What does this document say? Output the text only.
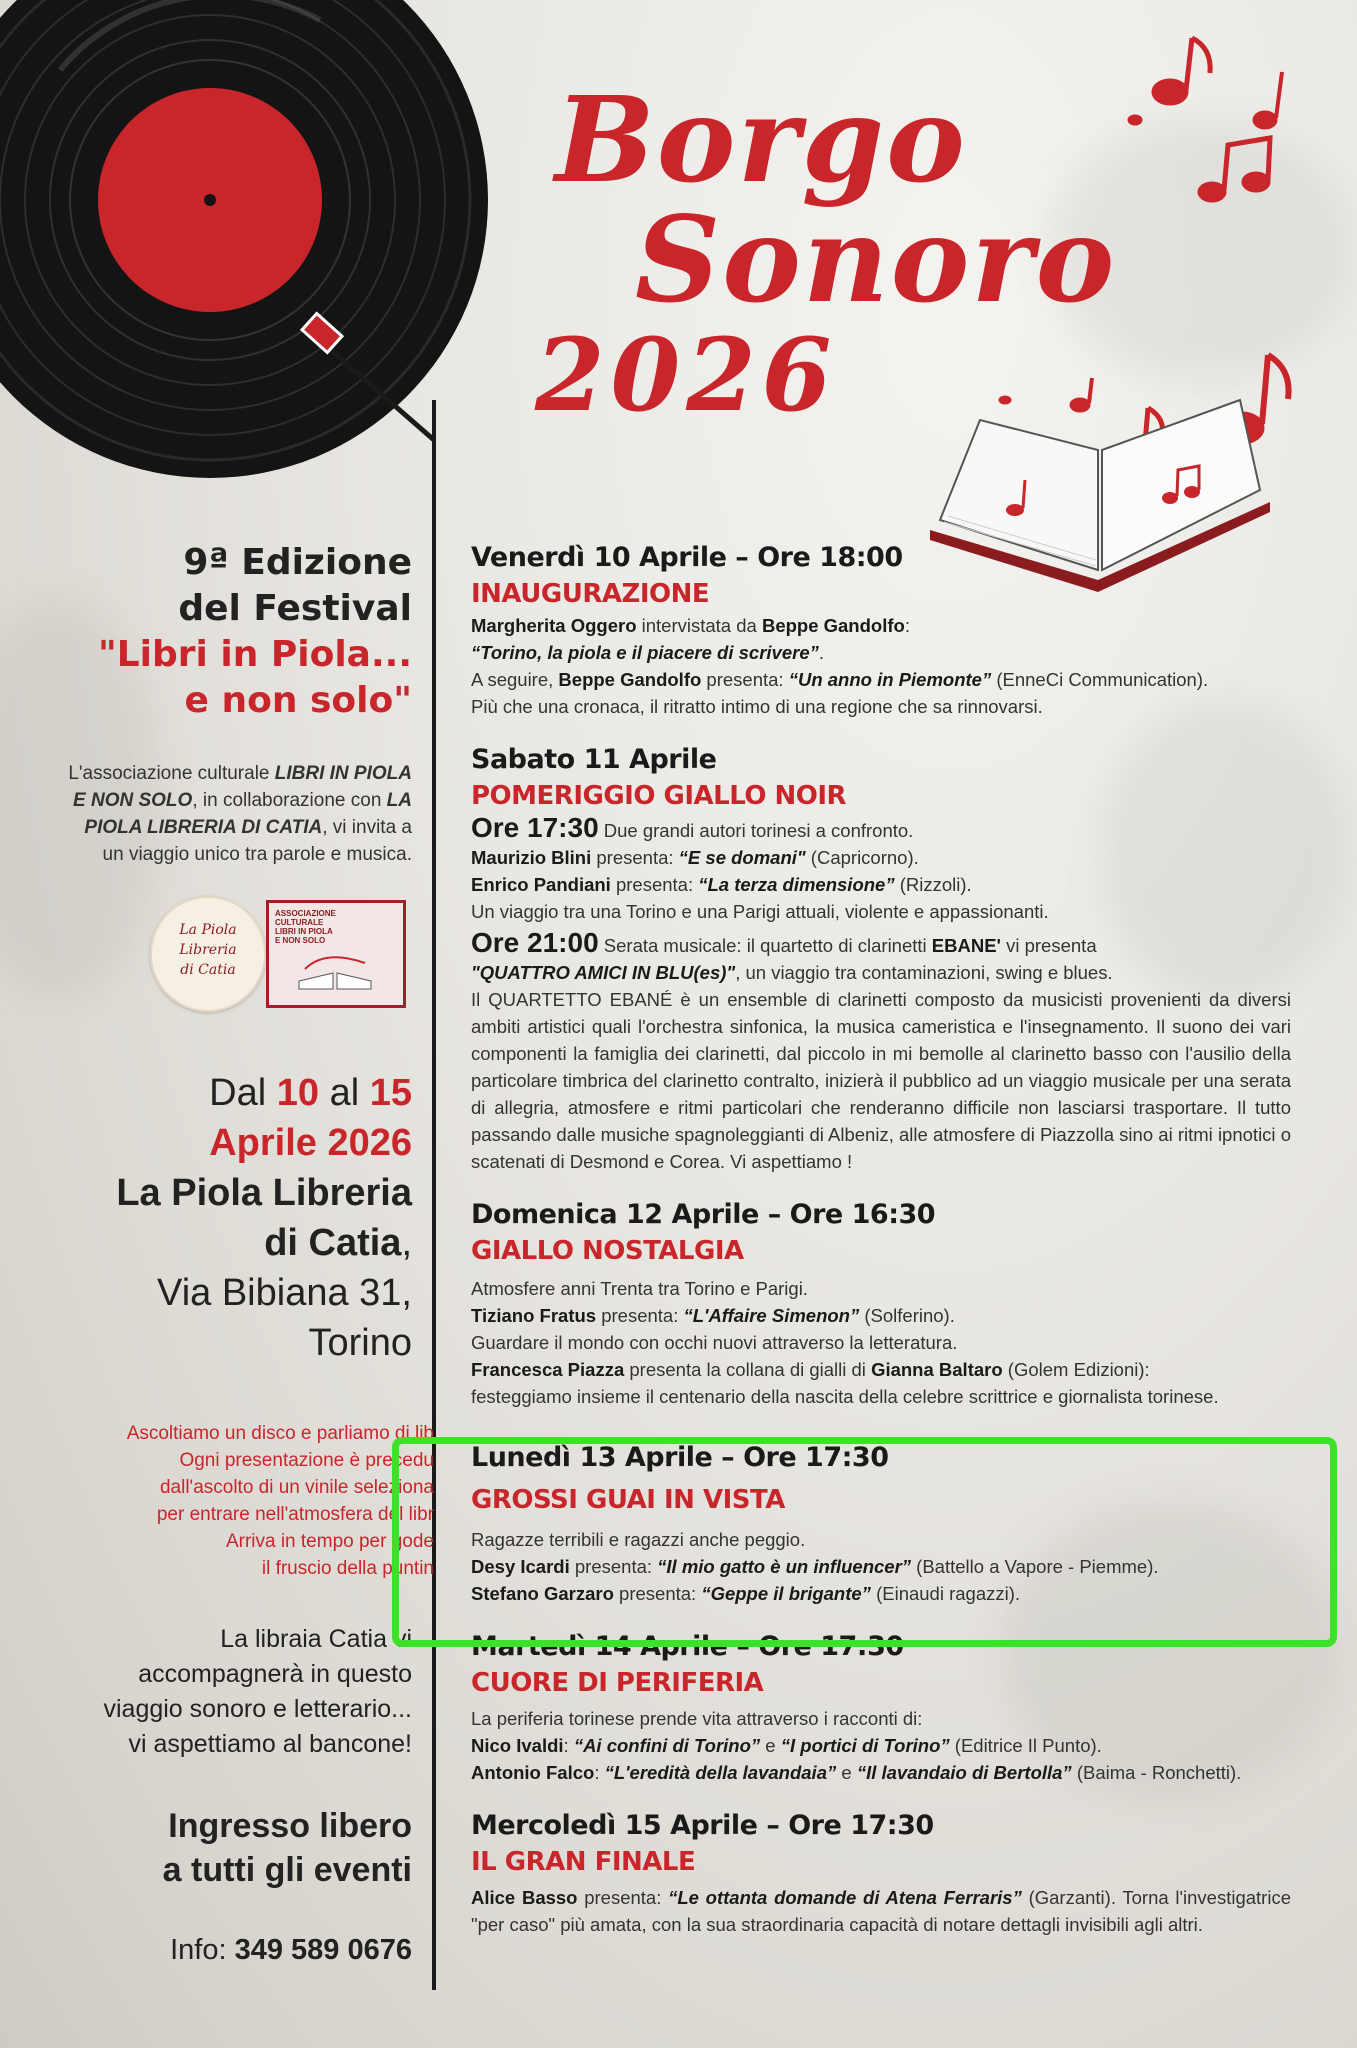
Borgo
Sonoro
2026
9ª Edizione
del Festival
"Libri in Piola...
e non solo"
L'associazione culturale LIBRI IN PIOLA E NON SOLO, in collaborazione con LA PIOLA LIBRERIA DI CATIA, vi invita a un viaggio unico tra parole e musica.
La Piola
Libreria
di Catia
ASSOCIAZIONE CULTURALE LIBRI IN PIOLA E NON SOLO
Dal 10 al 15
Aprile 2026
La Piola Libreria
di Catia,
Via Bibiana 31,
Torino
Ascoltiamo un disco e parliamo di lib
Ogni presentazione è precedu
dall'ascolto di un vinile seleziona
per entrare nell'atmosfera del libr
Arriva in tempo per gode
il fruscio della puntin
La libraia Catia vi
accompagnerà in questo
viaggio sonoro e letterario...
vi aspettiamo al bancone!
Ingresso libero
a tutti gli eventi
Info: 349 589 0676
Venerdì 10 Aprile – Ore 18:00
INAUGURAZIONE
Margherita Oggero intervistata da Beppe Gandolfo:
“Torino, la piola e il piacere di scrivere”.
A seguire, Beppe Gandolfo presenta: “Un anno in Piemonte” (EnneCi Communication).
Più che una cronaca, il ritratto intimo di una regione che sa rinnovarsi.
Sabato 11 Aprile
POMERIGGIO GIALLO NOIR
Ore 17:30 Due grandi autori torinesi a confronto.
Maurizio Blini presenta: “E se domani" (Capricorno).
Enrico Pandiani presenta: “La terza dimensione” (Rizzoli).
Un viaggio tra una Torino e una Parigi attuali, violente e appassionanti.
Ore 21:00 Serata musicale: il quartetto di clarinetti EBANE' vi presenta
"QUATTRO AMICI IN BLU(es)", un viaggio tra contaminazioni, swing e blues.
Il QUARTETTO EBANÉ è un ensemble di clarinetti composto da musicisti provenienti da diversi ambiti artistici quali l'orchestra sinfonica, la musica cameristica e l'insegnamento. Il suono dei vari componenti la famiglia dei clarinetti, dal piccolo in mi bemolle al clarinetto basso con l'ausilio della particolare timbrica del clarinetto contralto, inizierà il pubblico ad un viaggio musicale per una serata di allegria, atmosfere e ritmi particolari che renderanno difficile non lasciarsi trasportare. Il tutto passando dalle musiche spagnoleggianti di Albeniz, alle atmosfere di Piazzolla sino ai ritmi ipnotici o scatenati di Desmond e Corea. Vi aspettiamo !
Domenica 12 Aprile – Ore 16:30
GIALLO NOSTALGIA
Atmosfere anni Trenta tra Torino e Parigi.
Tiziano Fratus presenta: “L'Affaire Simenon” (Solferino).
Guardare il mondo con occhi nuovi attraverso la letteratura.
Francesca Piazza presenta la collana di gialli di Gianna Baltaro (Golem Edizioni):
festeggiamo insieme il centenario della nascita della celebre scrittrice e giornalista torinese.
Lunedì 13 Aprile – Ore 17:30
GROSSI GUAI IN VISTA
Ragazze terribili e ragazzi anche peggio.
Desy Icardi presenta: “Il mio gatto è un influencer” (Battello a Vapore - Piemme).
Stefano Garzaro presenta: “Geppe il brigante” (Einaudi ragazzi).
Martedì 14 Aprile – Ore 17:30
CUORE DI PERIFERIA
La periferia torinese prende vita attraverso i racconti di:
Nico Ivaldi: “Ai confini di Torino” e “I portici di Torino” (Editrice Il Punto).
Antonio Falco: “L'eredità della lavandaia” e “Il lavandaio di Bertolla” (Baima - Ronchetti).
Mercoledì 15 Aprile – Ore 17:30
IL GRAN FINALE
Alice Basso presenta: “Le ottanta domande di Atena Ferraris” (Garzanti). Torna l'investigatrice "per caso" più amata, con la sua straordinaria capacità di notare dettagli invisibili agli altri.
